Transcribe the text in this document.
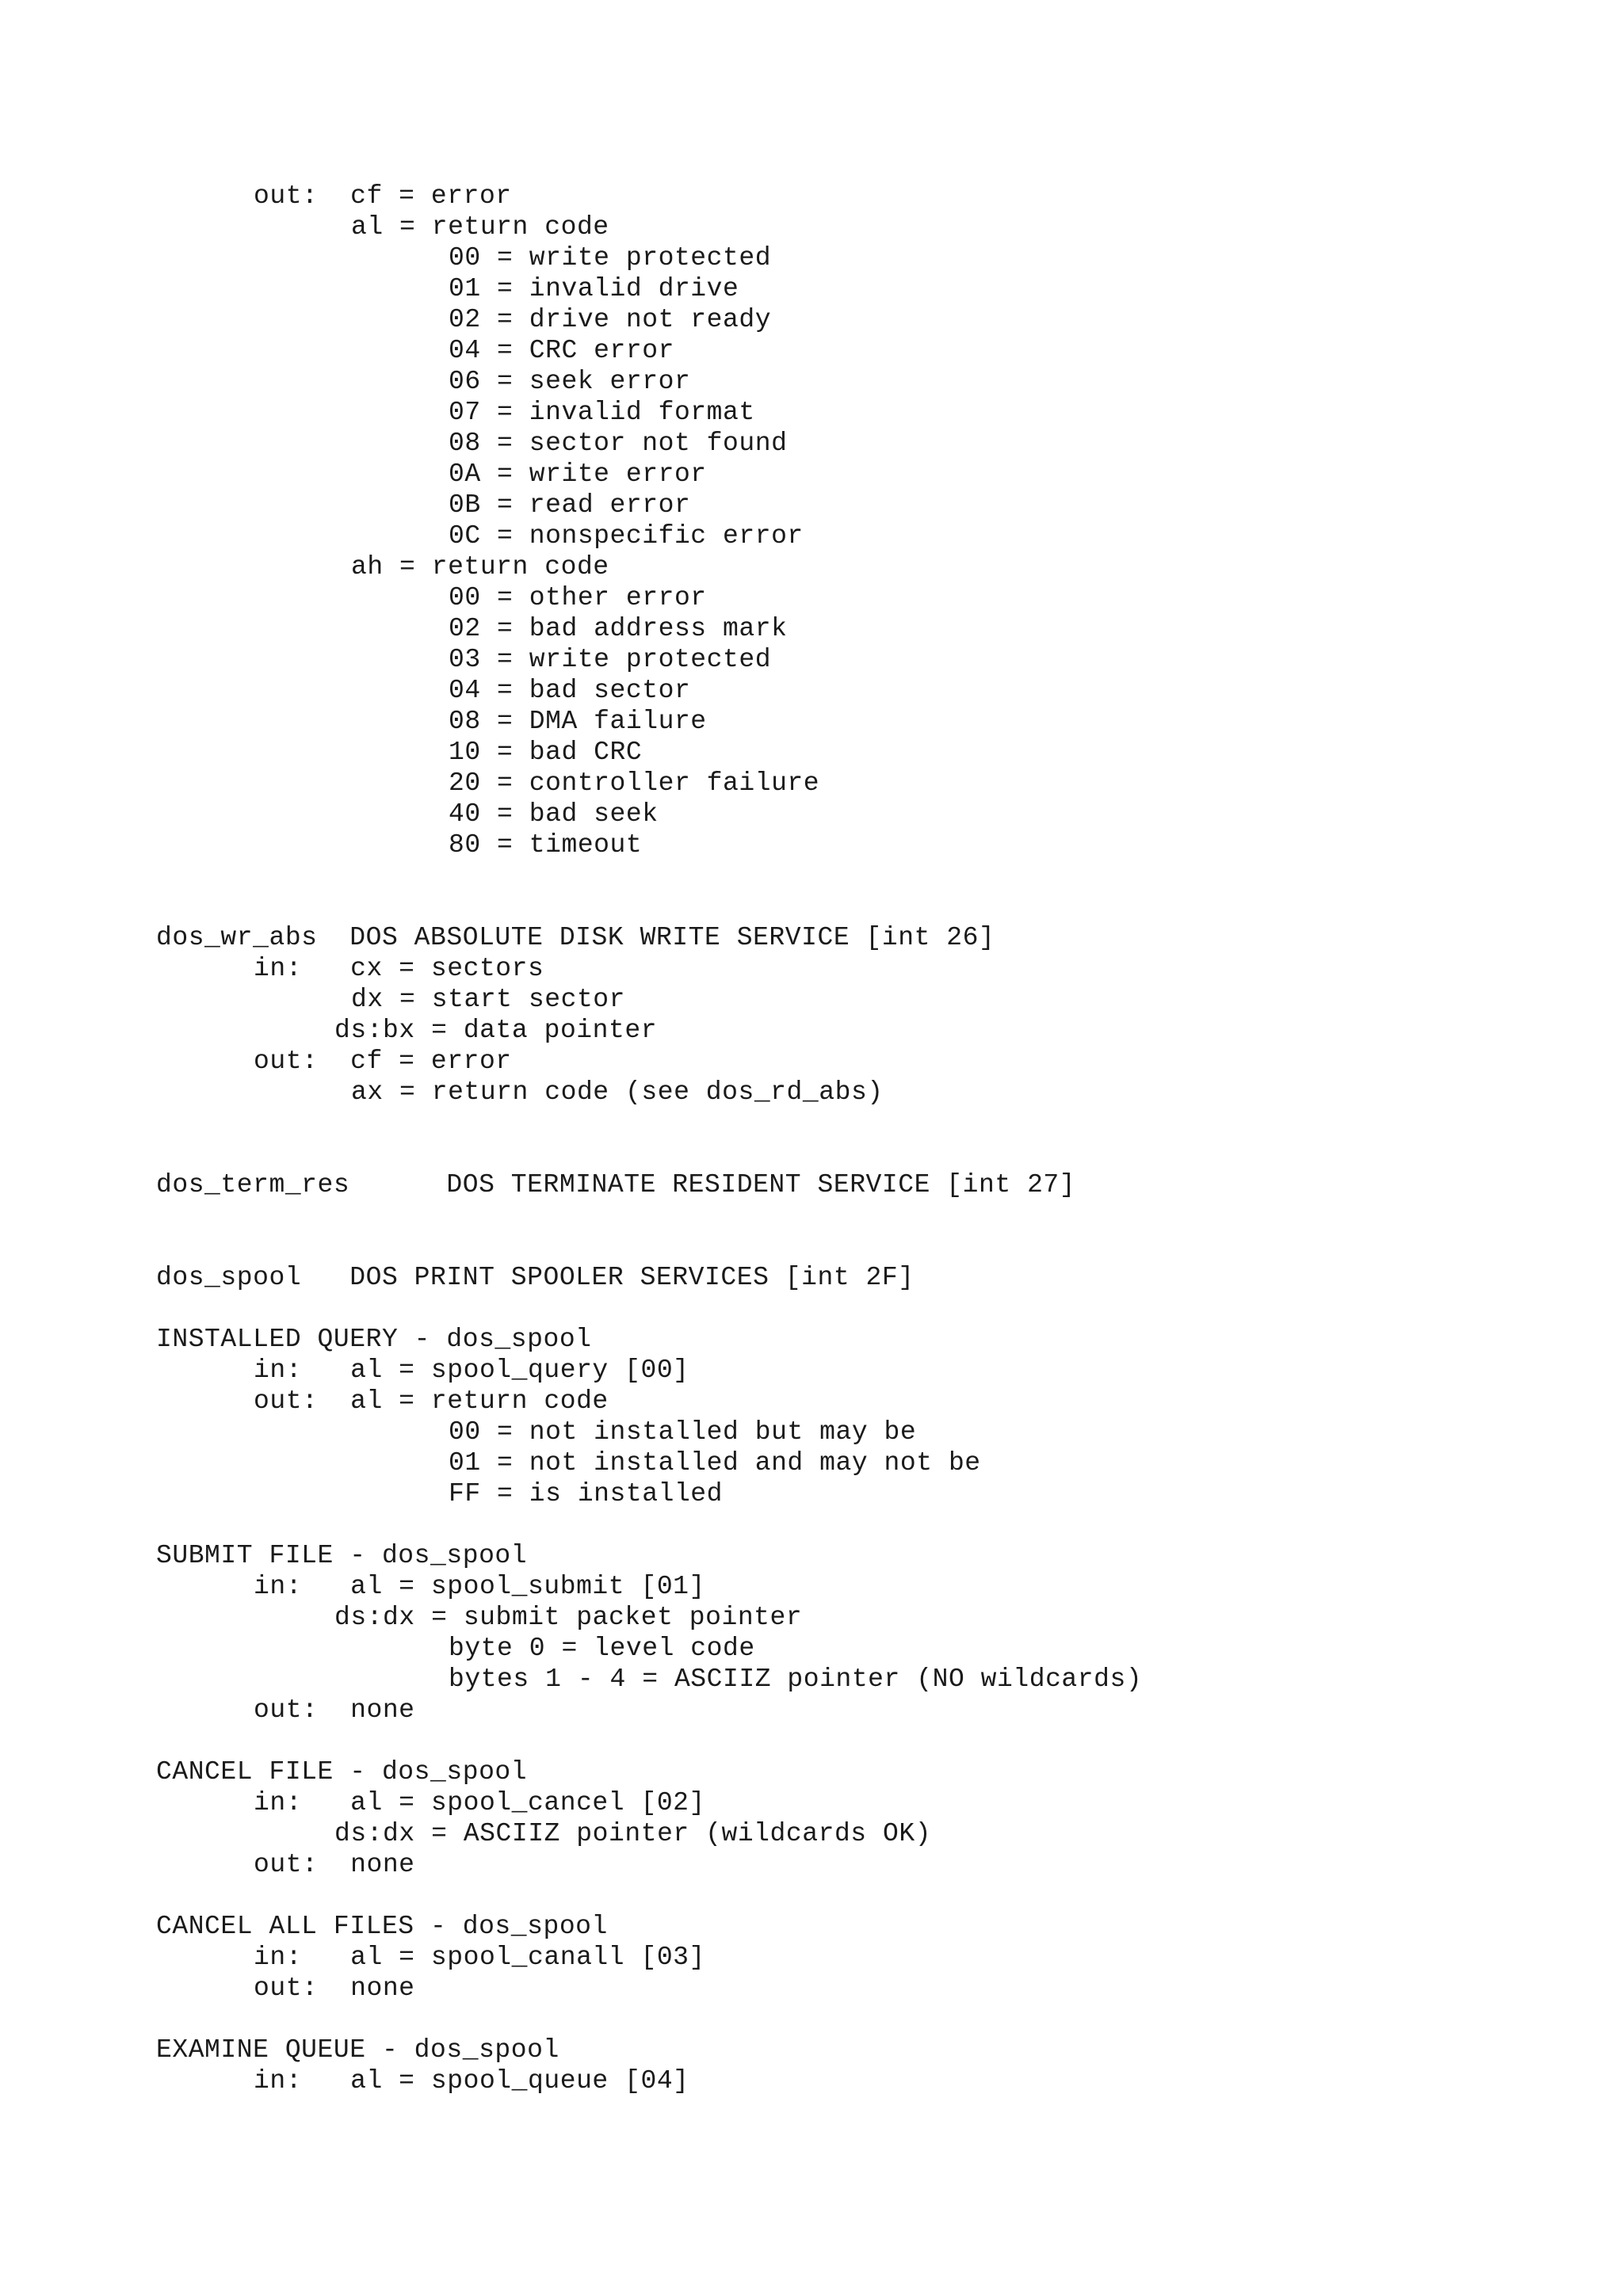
out:  cf = error
al = return code
00 = write protected
01 = invalid drive
02 = drive not ready
04 = CRC error
06 = seek error
07 = invalid format
08 = sector not found
0A = write error
0B = read error
0C = nonspecific error
ah = return code
00 = other error
02 = bad address mark
03 = write protected
04 = bad sector
08 = DMA failure
10 = bad CRC
20 = controller failure
40 = bad seek
80 = timeout
dos_wr_abs  DOS ABSOLUTE DISK WRITE SERVICE [int 26]
in:   cx = sectors
dx = start sector
ds:bx = data pointer
out:  cf = error
ax = return code (see dos_rd_abs)
dos_term_res      DOS TERMINATE RESIDENT SERVICE [int 27]
dos_spool   DOS PRINT SPOOLER SERVICES [int 2F]
INSTALLED QUERY - dos_spool
in:   al = spool_query [00]
out:  al = return code
00 = not installed but may be
01 = not installed and may not be
FF = is installed
SUBMIT FILE - dos_spool
in:   al = spool_submit [01]
ds:dx = submit packet pointer
byte 0 = level code
bytes 1 - 4 = ASCIIZ pointer (NO wildcards)
out:  none
CANCEL FILE - dos_spool
in:   al = spool_cancel [02]
ds:dx = ASCIIZ pointer (wildcards OK)
out:  none
CANCEL ALL FILES - dos_spool
in:   al = spool_canall [03]
out:  none
EXAMINE QUEUE - dos_spool
in:   al = spool_queue [04]
